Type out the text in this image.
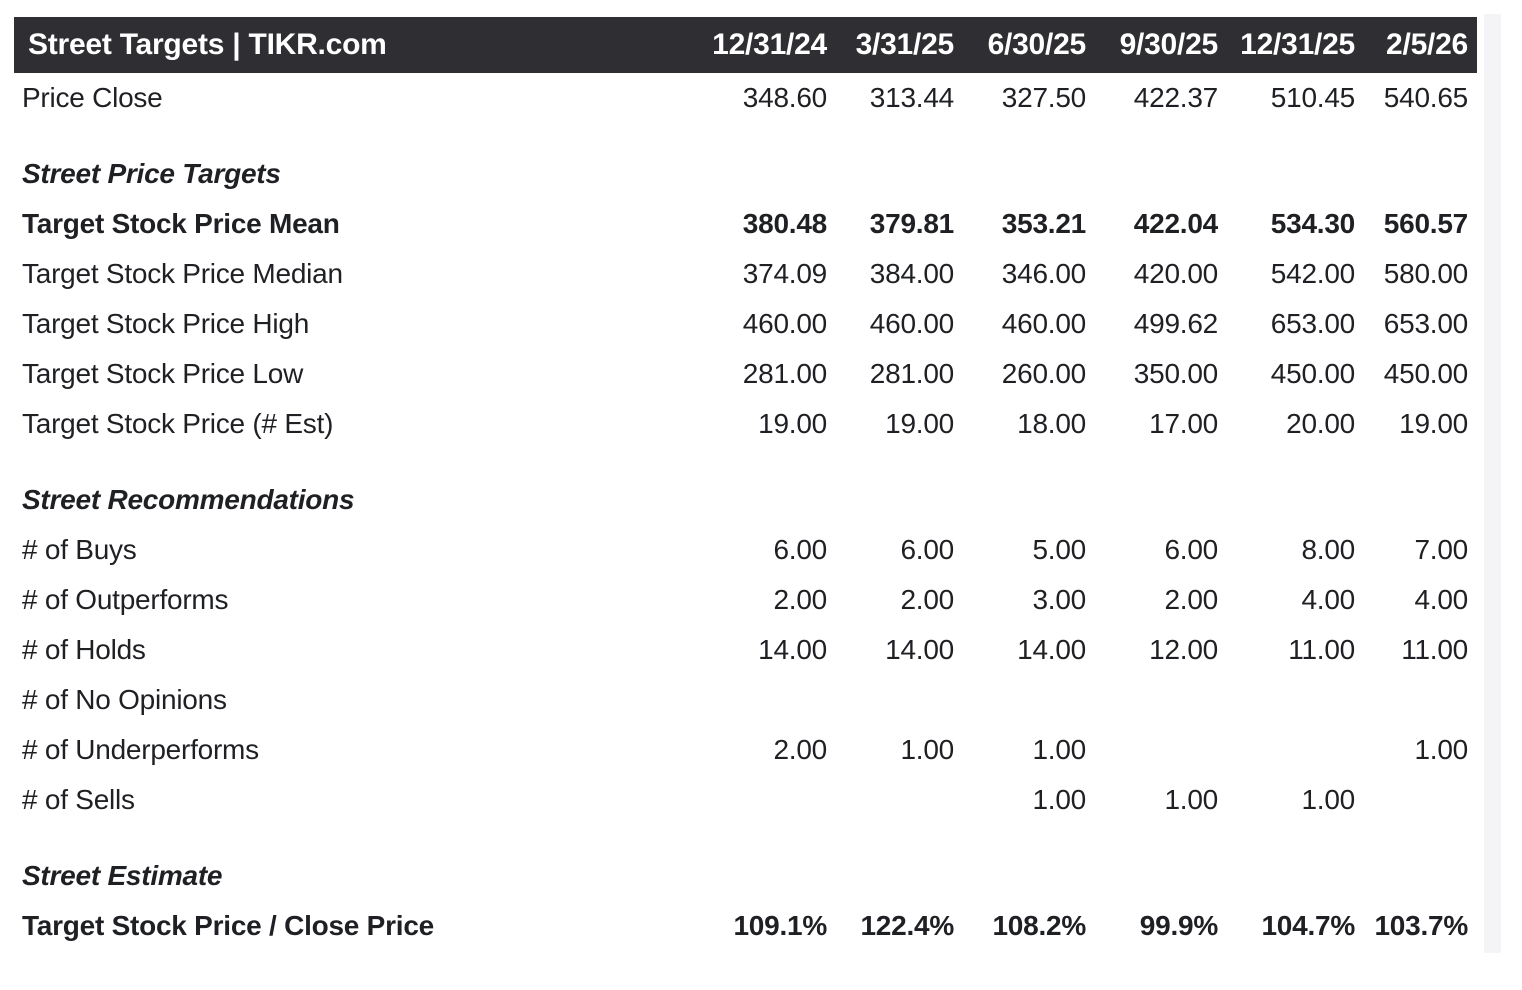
Street Targets | TIKR.com	12/31/24	3/31/25	6/30/25	9/30/25	12/31/25	2/5/26
Price Close	348.60	313.44	327.50	422.37	510.45	540.65
Street Price Targets						
Target Stock Price Mean	380.48	379.81	353.21	422.04	534.30	560.57
Target Stock Price Median	374.09	384.00	346.00	420.00	542.00	580.00
Target Stock Price High	460.00	460.00	460.00	499.62	653.00	653.00
Target Stock Price Low	281.00	281.00	260.00	350.00	450.00	450.00
Target Stock Price (# Est)	19.00	19.00	18.00	17.00	20.00	19.00
Street Recommendations						
# of Buys	6.00	6.00	5.00	6.00	8.00	7.00
# of Outperforms	2.00	2.00	3.00	2.00	4.00	4.00
# of Holds	14.00	14.00	14.00	12.00	11.00	11.00
# of No Opinions						
# of Underperforms	2.00	1.00	1.00			1.00
# of Sells			1.00	1.00	1.00	
Street Estimate						
Target Stock Price / Close Price	109.1%	122.4%	108.2%	99.9%	104.7%	103.7%
